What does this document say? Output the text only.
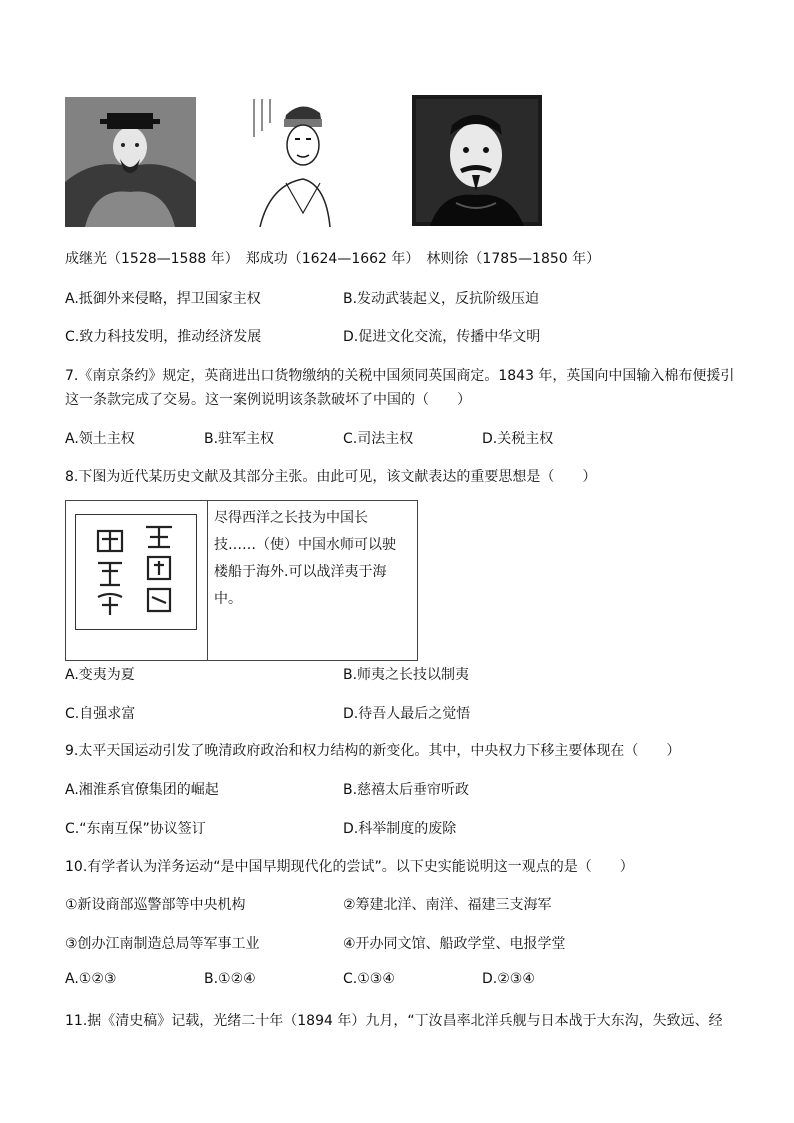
成继光（1528—1588 年）　郑成功（1624—1662 年）　林则徐（1785—1850 年）
A.抵御外来侵略，捍卫国家主权	B.发动武装起义，反抗阶级压迫
C.致力科技发明，推动经济发展	D.促进文化交流，传播中华文明
7.《南京条约》规定，英商进出口货物缴纳的关税中国须同英国商定。1843 年，英国向中国输入棉布便援引
这一条款完成了交易。这一案例说明该条款破坏了中国的（　　）
A.领土主权	B.驻军主权	C.司法主权	D.关税主权
8.下图为近代某历史文献及其部分主张。由此可见，该文献表达的重要思想是（　　）
尽得西洋之长技为中国长技……（使）中国水师可以驶楼船于海外.可以战洋夷于海中。
A.变夷为夏	B.师夷之长技以制夷
C.自强求富	D.待吾人最后之觉悟
9.太平天国运动引发了晚清政府政治和权力结构的新变化。其中，中央权力下移主要体现在（　　）
A.湘淮系官僚集团的崛起	B.慈禧太后垂帘听政
C.“东南互保”协议签订	D.科举制度的废除
10.有学者认为洋务运动“是中国早期现代化的尝试”。以下史实能说明这一观点的是（　　）
①新设商部巡警部等中央机构	②筹建北洋、南洋、福建三支海军
③创办江南制造总局等军事工业	④开办同文馆、船政学堂、电报学堂
A.①②③	B.①②④	C.①③④	D.②③④
11.据《清史稿》记载，光绪二十年（1894 年）九月，“丁汝昌率北洋兵舰与日本战于大东沟，失致远、经
